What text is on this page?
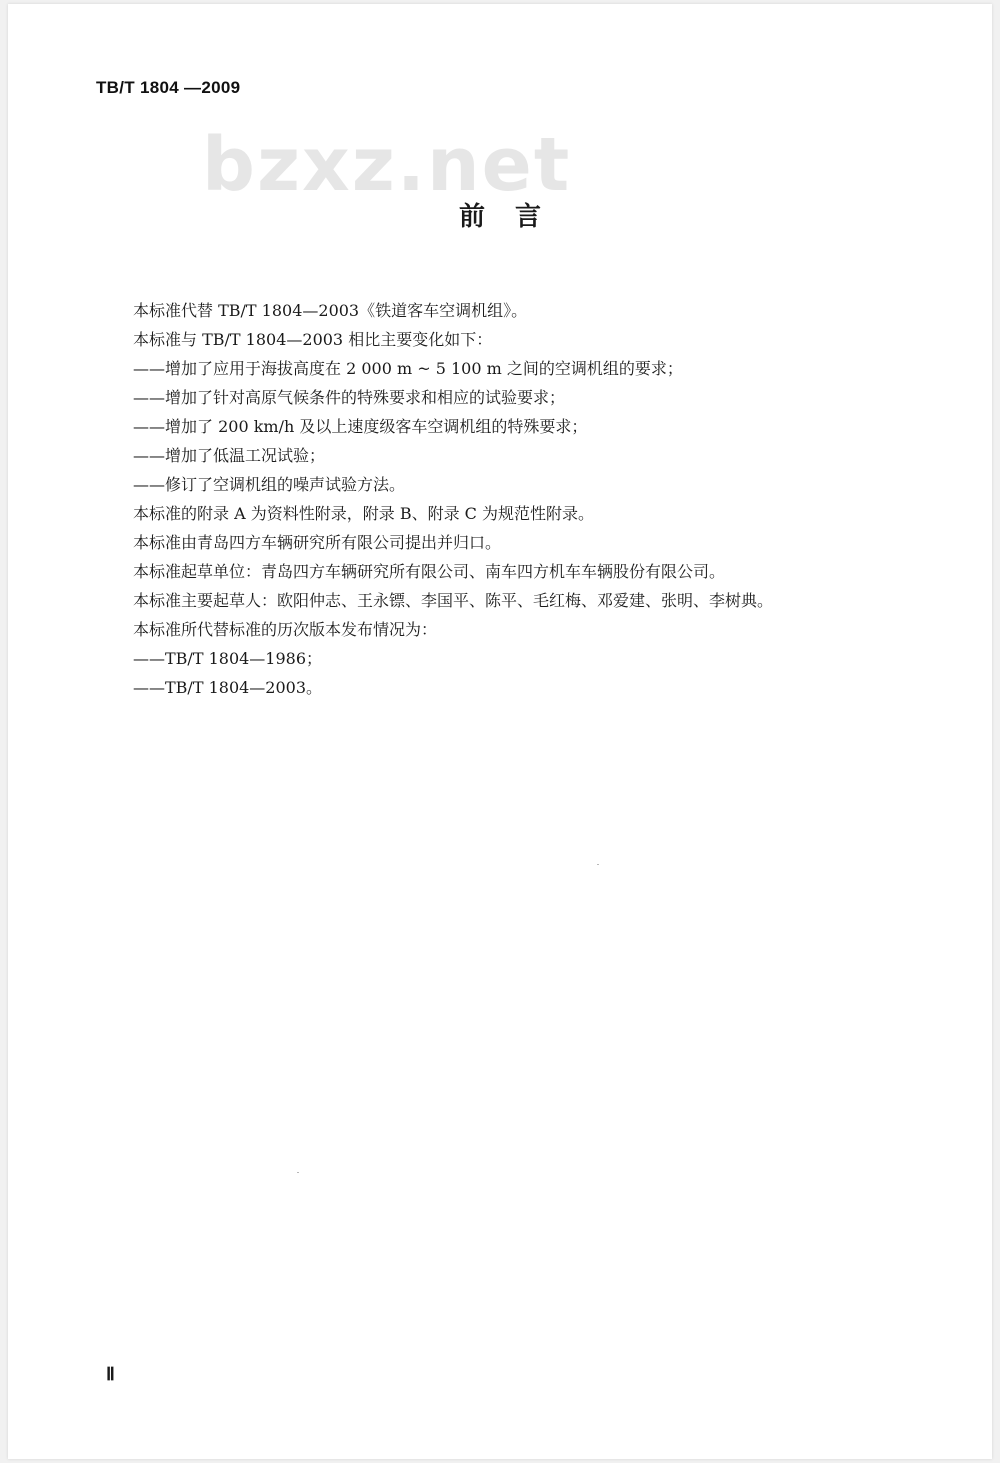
TB/T 1804 —2009
bzxz.net
前言
本标准代替 TB/T 1804—2003《铁道客车空调机组》。
本标准与 TB/T 1804—2003 相比主要变化如下：
——增加了应用于海拔高度在 2 000 m ~ 5 100 m 之间的空调机组的要求；
——增加了针对高原气候条件的特殊要求和相应的试验要求；
——增加了 200 km/h 及以上速度级客车空调机组的特殊要求；
——增加了低温工况试验；
——修订了空调机组的噪声试验方法。
本标准的附录 A 为资料性附录，附录 B、附录 C 为规范性附录。
本标准由青岛四方车辆研究所有限公司提出并归口。
本标准起草单位：青岛四方车辆研究所有限公司、南车四方机车车辆股份有限公司。
本标准主要起草人：欧阳仲志、王永镖、李国平、陈平、毛红梅、邓爱建、张明、李树典。
本标准所代替标准的历次版本发布情况为：
——TB/T 1804—1986；
——TB/T 1804—2003。
Ⅱ
